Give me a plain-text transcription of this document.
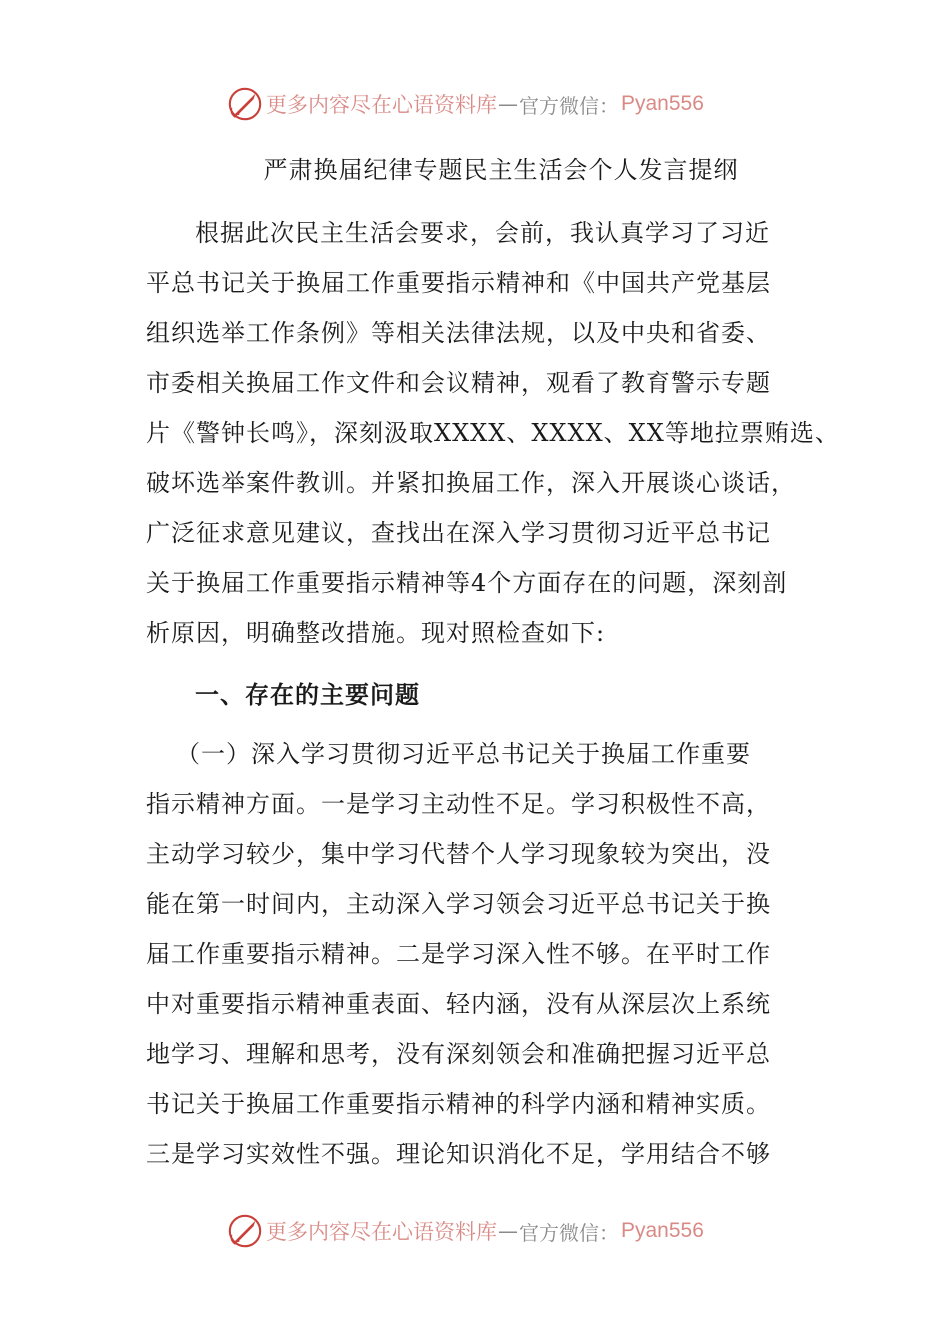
更多内容尽在心语资料库 — 官方微信： Pyan556
严肃换届纪律专题民主生活会个人发言提纲
根据此次民主生活会要求，会前，我认真学习了习近
平总书记关于换届工作重要指示精神和《中国共产党基层
组织选举工作条例》等相关法律法规，以及中央和省委、
市委相关换届工作文件和会议精神，观看了教育警示专题
片《警钟长鸣》，深刻汲取XXXX、XXXX、XX等地拉票贿选、
破坏选举案件教训。并紧扣换届工作，深入开展谈心谈话，
广泛征求意见建议，查找出在深入学习贯彻习近平总书记
关于换届工作重要指示精神等4个方面存在的问题，深刻剖
析原因，明确整改措施。现对照检查如下:
一、存在的主要问题
（一）深入学习贯彻习近平总书记关于换届工作重要
指示精神方面。一是学习主动性不足。学习积极性不高，
主动学习较少，集中学习代替个人学习现象较为突出，没
能在第一时间内，主动深入学习领会习近平总书记关于换
届工作重要指示精神。二是学习深入性不够。在平时工作
中对重要指示精神重表面、轻内涵，没有从深层次上系统
地学习、理解和思考，没有深刻领会和准确把握习近平总
书记关于换届工作重要指示精神的科学内涵和精神实质。
三是学习实效性不强。理论知识消化不足，学用结合不够
更多内容尽在心语资料库 — 官方微信： Pyan556
